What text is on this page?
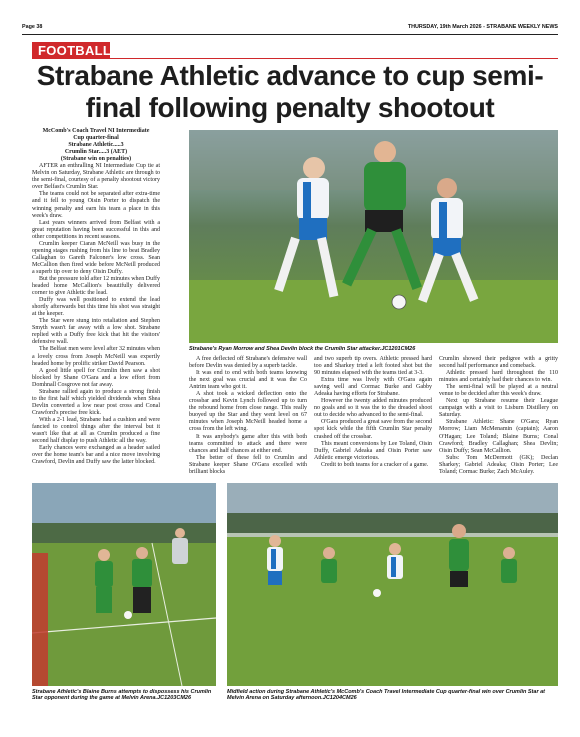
Page 38	THURSDAY, 19th March 2026 - STRABANE WEEKLY NEWS
FOOTBALL
Strabane Athletic advance to cup semi-final following penalty shootout

McComb's Coach Travel NI Intermediate

Cup quarter-final

Strabane Athletic.....3

Crumlin Star.....3 (AET)

(Strabane win on penalties)

AFTER an enthralling NI Intermediate Cup tie at Melvin on Saturday, Strabane Athletic are through to the semi-final, courtesy of a penalty shootout victory over Belfast's Crumlin Star.

The teams could not be separated after extra-time and it fell to young Oisin Porter to dispatch the winning penalty and earn his team a place in this week's draw.

Last years winners arrived from Belfast with a great reputation having been successful in this and other competitions in recent seasons.

Crumlin keeper Ciaran McNeill was busy in the opening stages rushing from his line to beat Bradley Callaghan to Gareth Falconer's low cross. Sean McCallion then fired wide before McNeill produced a superb tip over to deny Oisin Duffy.

But the pressure told after 12 minutes when Duffy headed home McCallion's beautifully delivered corner to give Athletic the lead.

Duffy was well positioned to extend the lead shortly afterwards but this time his shot was straight at the keeper.

The Star were stung into retaliation and Stephen Smyth wasn't far away with a low shot. Strabane replied with a Duffy free kick that hit the visitors' defensive wall.

The Belfast men were level after 32 minutes when a lovely cross from Joseph McNeill was expertly headed home by prolific striker David Pearson.

A good little spell for Crumlin then saw a shot blocked by Shane O'Gara and a low effort from Domhnall Cosgrove not far away.

Strabane rallied again to produce a strong finish to the first half which yielded dividends when Shea Devlin converted a low near post cross and Conal Crawford's precise free kick.

With a 2-1 lead, Strabane had a cushion and were fancied to control things after the interval but it wasn't like that at all as Crumlin produced a fine second half display to push Athletic all the way.

Early chances were exchanged as a header sailed over the home team's bar and a nice move involving Crawford, Devlin and Duffy saw the latter blocked.

Strabane's Ryan Morrow and Shea Devlin block the Crumlin Star attacker.JC1201CM26

A free deflected off Strabane's defensive wall before Devlin was denied by a superb tackle.

It was end to end with both teams knowing the next goal was crucial and it was the Co Antrim team who got it.

A shot took a wicked deflection onto the crossbar and Kevin Lynch followed up to turn the rebound home from close range. This really buoyed up the Star and they went level on 67 minutes when Joseph McNeill headed home a cross from the left wing.

It was anybody's game after this with both teams committed to attack and there were chances and half chances at either end.

The better of these fell to Crumlin and Strabane keeper Shane O'Gara excelled with brilliant blocks

and two superb tip overs. Athletic pressed hard too and Sharkey tried a left footed shot but the 90 minutes elapsed with the teams tied at 3-3.

Extra time was lively with O'Gara again saving well and Cormac Burke and Gabby Adeaka having efforts for Strabane.

However the twenty added minutes produced no goals and so it was the to the dreaded shoot out to decide who advanced to the semi-final.

O'Gara produced a great save from the second spot kick while the fifth Crumlin Star penalty crashed off the crossbar.

This meant conversions by Lee Toland, Oisin Duffy, Gabriel Adeaka and Oisin Porter saw Athletic emerge victorious.

Credit to both teams for a cracker of a game.

Crumlin showed their pedigree with a gritty second half performance and comeback.

Athletic pressed hard throughout the 110 minutes and certainly had their chances to win.

The semi-final will be played at a neutral venue to be decided after this week's draw.

Next up Strabane resume their League campaign with a visit to Lisburn Distillery on Saturday.

Strabane Athletic: Shane O'Gara; Ryan Morrow; Liam McMenamin (captain); Aaron O'Hagan; Lee Toland; Blaine Burns; Conal Crawford; Bradley Callaghan; Shea Devlin; Oisin Duffy; Sean McCallion.

Subs: Tom McDermott (GK); Declan Sharkey; Gabriel Adeaka; Oisin Porter; Lee Toland; Cormac Burke; Zach McAuley.

Strabane Athletic's Blaine Burns attempts to dispossess his Crumlin Star opponent during the game at Melvin Arena.JC1203CM26
Midfield action during Strabane Athletic's McComb's Coach Travel Intermediate Cup quarter-final win over Crumlin Star at Melvin Arena on Saturday afternoon.JC1204CM26
